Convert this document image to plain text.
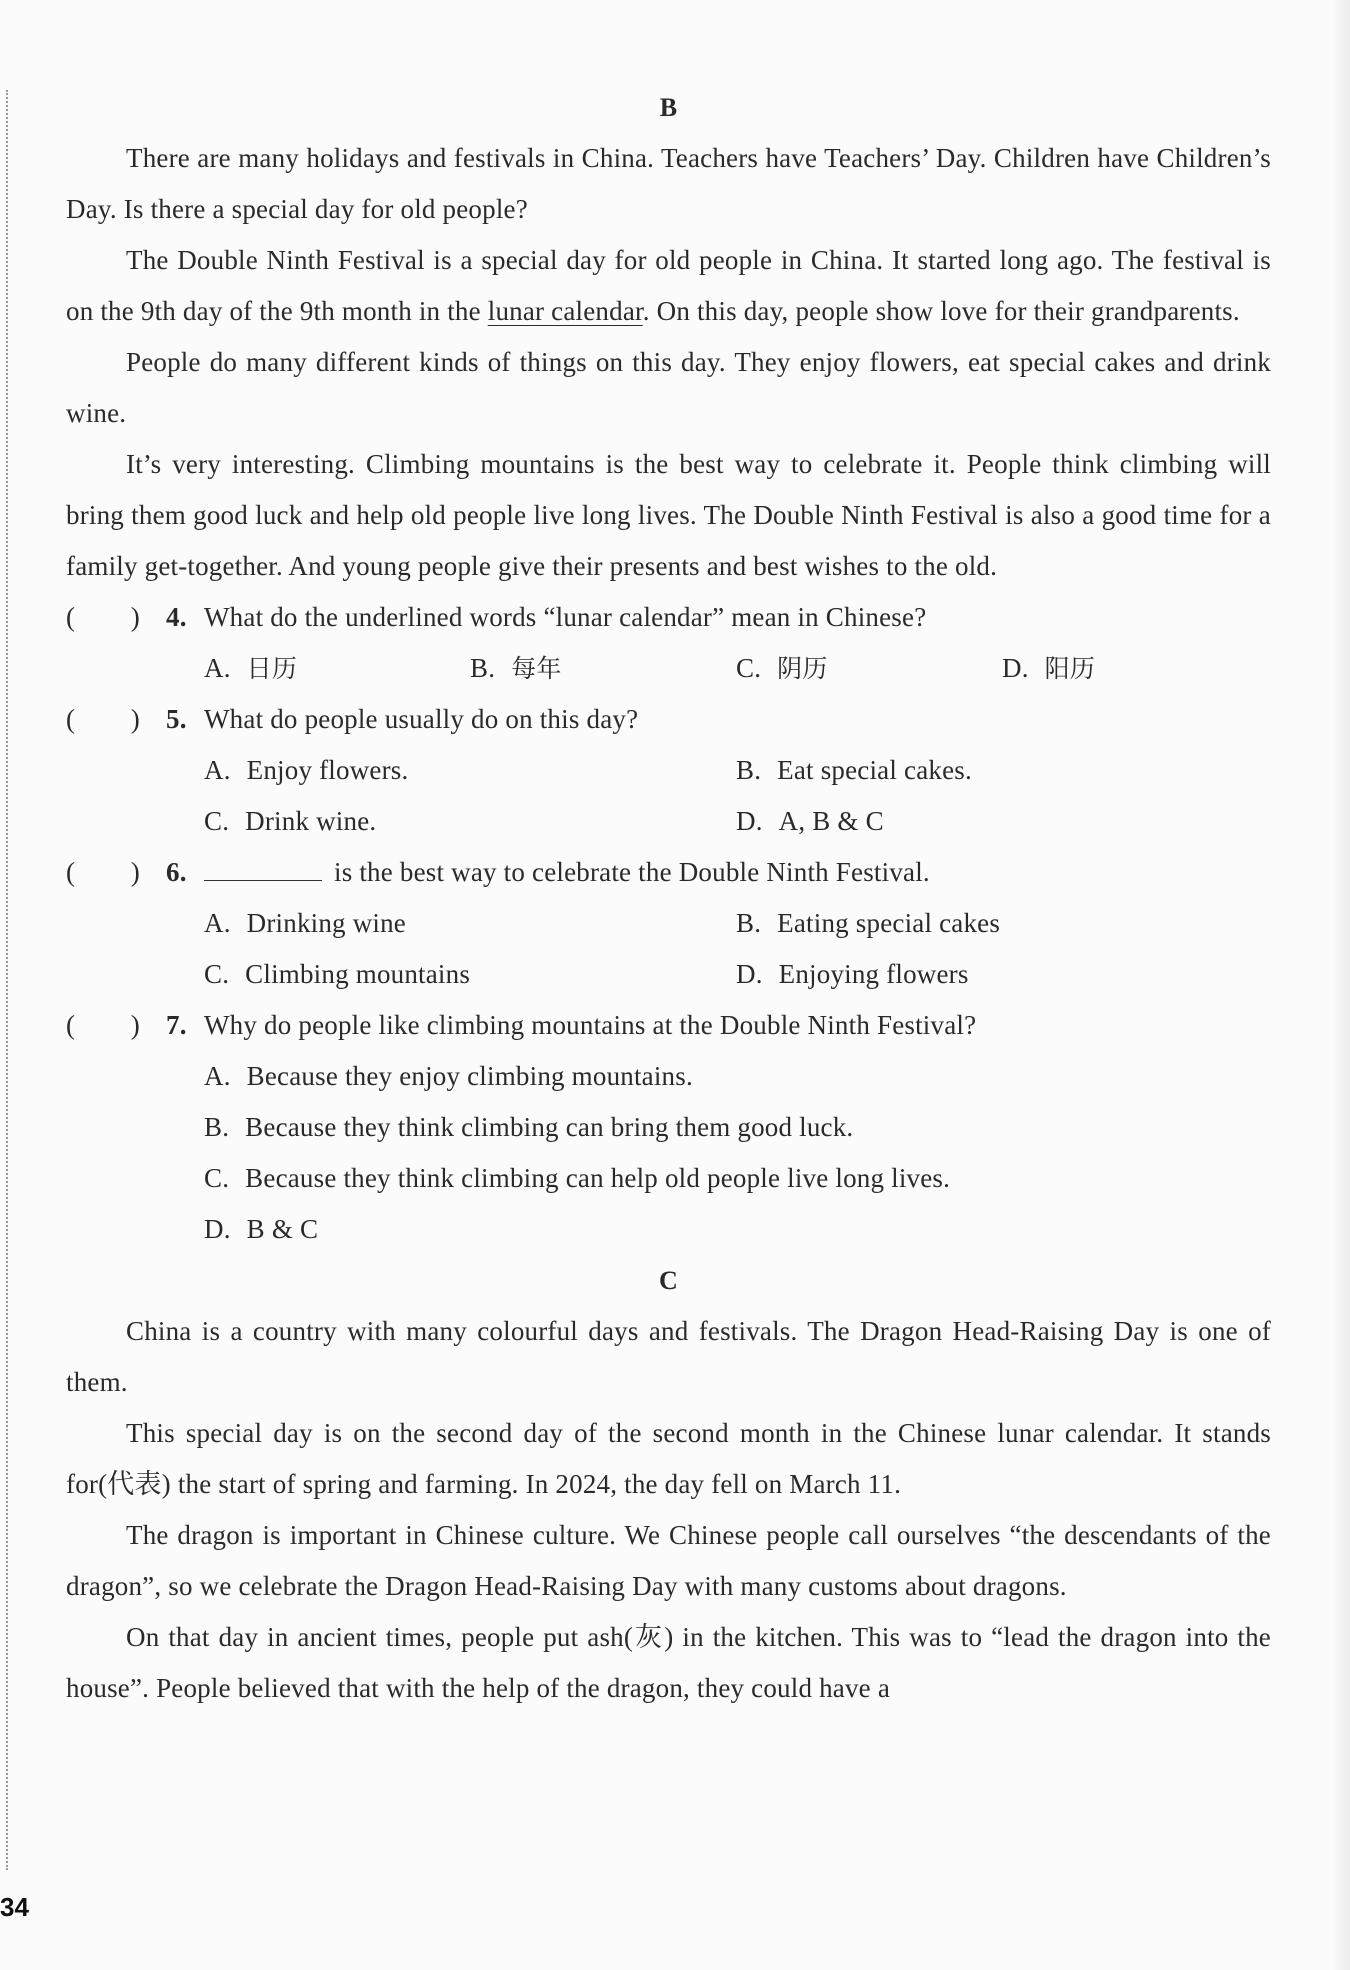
B

There are many holidays and festivals in China. Teachers have Teachers’ Day. Children have Children’s Day. Is there a special day for old people?

The Double Ninth Festival is a special day for old people in China. It started long ago. The festival is on the 9th day of the 9th month in the lunar calendar. On this day, people show love for their grandparents.

People do many different kinds of things on this day. They enjoy flowers, eat special cakes and drink wine.

It’s very interesting. Climbing mountains is the best way to celebrate it. People think climbing will bring them good luck and help old people live long lives. The Double Ninth Festival is also a good time for a family get-together. And young people give their presents and best wishes to the old.

(        ) 4. What do the underlined words “lunar calendar” mean in Chinese?
A. 日历	B. 每年	C. 阴历	D. 阳历
(        ) 5. What do people usually do on this day?
A. Enjoy flowers.	B. Eat special cakes.
C. Drink wine.	D. A, B & C
(        ) 6.	is the best way to celebrate the Double Ninth Festival.
A. Drinking wine	B. Eating special cakes
C. Climbing mountains	D. Enjoying flowers
(        ) 7. Why do people like climbing mountains at the Double Ninth Festival?
A. Because they enjoy climbing mountains.
B. Because they think climbing can bring them good luck.
C. Because they think climbing can help old people live long lives.
D. B & C

C

China is a country with many colourful days and festivals. The Dragon Head-Raising Day is one of them.

This special day is on the second day of the second month in the Chinese lunar calendar. It stands for(代表) the start of spring and farming. In 2024, the day fell on March 11.

The dragon is important in Chinese culture. We Chinese people call ourselves “the descendants of the dragon”, so we celebrate the Dragon Head-Raising Day with many customs about dragons.

On that day in ancient times, people put ash(灰) in the kitchen. This was to “lead the dragon into the house”. People believed that with the help of the dragon, they could have a

34
